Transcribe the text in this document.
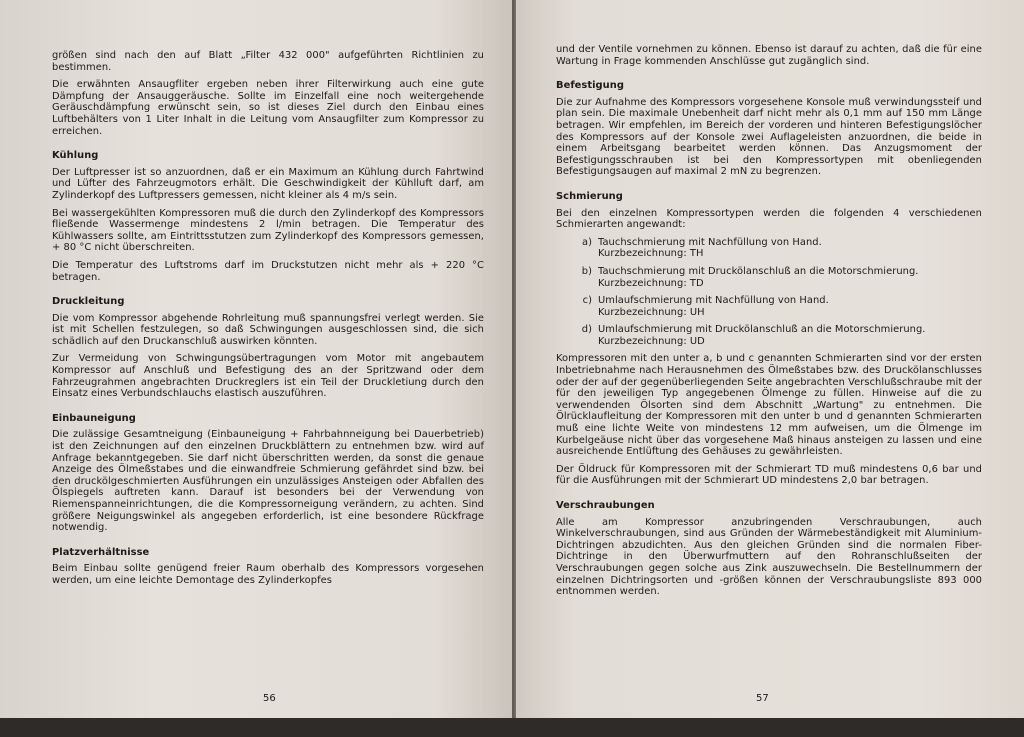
größen sind nach den auf Blatt „Filter 432 000" aufgeführten Richtlinien zu bestimmen.

Die erwähnten Ansaugfliter ergeben neben ihrer Filterwirkung auch eine gute Dämpfung der Ansauggeräusche. Sollte im Einzelfall eine noch weitergehende Geräuschdämpfung erwünscht sein, so ist dieses Ziel durch den Einbau eines Luftbehälters von 1 Liter Inhalt in die Leitung vom Ansaugfilter zum Kompressor zu erreichen.

Kühlung

Der Luftpresser ist so anzuordnen, daß er ein Maximum an Kühlung durch Fahrtwind und Lüfter des Fahrzeugmotors erhält. Die Geschwindigkeit der Kühlluft darf, am Zylinderkopf des Luftpressers gemessen, nicht kleiner als 4 m/s sein.

Bei wassergekühlten Kompressoren muß die durch den Zylinderkopf des Kompressors fließende Wassermenge mindestens 2 l/min betragen. Die Temperatur des Kühlwassers sollte, am Eintrittsstutzen zum Zylinderkopf des Kompressors gemessen, + 80 °C nicht überschreiten.

Die Temperatur des Luftstroms darf im Druckstutzen nicht mehr als + 220 °C betragen.

Druckleitung

Die vom Kompressor abgehende Rohrleitung muß spannungsfrei verlegt werden. Sie ist mit Schellen festzulegen, so daß Schwingungen ausgeschlossen sind, die sich schädlich auf den Druckanschluß auswirken könnten.

Zur Vermeidung von Schwingungsübertragungen vom Motor mit angebautem Kompressor auf Anschluß und Befestigung des an der Spritzwand oder dem Fahrzeugrahmen angebrachten Druckreglers ist ein Teil der Druckletiung durch den Einsatz eines Verbundschlauchs elastisch auszuführen.

Einbauneigung

Die zulässige Gesamtneigung (Einbauneigung + Fahrbahnneigung bei Dauerbetrieb) ist den Zeichnungen auf den einzelnen Druckblättern zu entnehmen bzw. wird auf Anfrage bekanntgegeben. Sie darf nicht überschritten werden, da sonst die genaue Anzeige des Ölmeßstabes und die einwandfreie Schmierung gefährdet sind bzw. bei den druckölgeschmierten Ausführungen ein unzulässiges Ansteigen oder Abfallen des Ölspiegels auftreten kann. Darauf ist besonders bei der Verwendung von Riemenspanneinrichtungen, die die Kompressorneigung verändern, zu achten. Sind größere Neigungswinkel als angegeben erforderlich, ist eine besondere Rückfrage notwendig.

Platzverhältnisse

Beim Einbau sollte genügend freier Raum oberhalb des Kompressors vorgesehen werden, um eine leichte Demontage des Zylinderkopfes

56

und der Ventile vornehmen zu können. Ebenso ist darauf zu achten, daß die für eine Wartung in Frage kommenden Anschlüsse gut zugänglich sind.

Befestigung

Die zur Aufnahme des Kompressors vorgesehene Konsole muß verwindungssteif und plan sein. Die maximale Unebenheit darf nicht mehr als 0,1 mm auf 150 mm Länge betragen. Wir empfehlen, im Bereich der vorderen und hinteren Befestigungslöcher des Kompressors auf der Konsole zwei Auflageleisten anzuordnen, die beide in einem Arbeitsgang bearbeitet werden können. Das Anzugsmoment der Befestigungsschrauben ist bei den Kompressortypen mit obenliegenden Befestigungsaugen auf maximal 2 mN zu begrenzen.

Schmierung

Bei den einzelnen Kompressortypen werden die folgenden 4 verschiedenen Schmierarten angewandt:

a) Tauchschmierung mit Nachfüllung von Hand.
Kurzbezeichnung: TH
b) Tauchschmierung mit Druckölanschluß an die Motorschmierung.
Kurzbezeichnung: TD
c) Umlaufschmierung mit Nachfüllung von Hand.
Kurzbezeichnung: UH
d) Umlaufschmierung mit Druckölanschluß an die Motorschmierung.
Kurzbezeichnung: UD

Kompressoren mit den unter a, b und c genannten Schmierarten sind vor der ersten Inbetriebnahme nach Herausnehmen des Ölmeßstabes bzw. des Druckölanschlusses oder der auf der gegenüberliegenden Seite angebrachten Verschlußschraube mit der für den jeweiligen Typ angegebenen Ölmenge zu füllen. Hinweise auf die zu verwendenden Ölsorten sind dem Abschnitt „Wartung" zu entnehmen. Die Ölrücklaufleitung der Kompressoren mit den unter b und d genannten Schmierarten muß eine lichte Weite von mindestens 12 mm aufweisen, um die Ölmenge im Kurbelgeäuse nicht über das vorgesehene Maß hinaus ansteigen zu lassen und eine ausreichende Entlüftung des Gehäuses zu gewährleisten.

Der Öldruck für Kompressoren mit der Schmierart TD muß mindestens 0,6 bar und für die Ausführungen mit der Schmierart UD mindestens 2,0 bar betragen.

Verschraubungen

Alle am Kompressor anzubringenden Verschraubungen, auch Winkelverschraubungen, sind aus Gründen der Wärmebeständigkeit mit Aluminium-Dichtringen abzudichten. Aus den gleichen Gründen sind die normalen Fiber-Dichtringe in den Überwurfmuttern auf den Rohranschlußseiten der Verschraubungen gegen solche aus Zink auszuwechseln. Die Bestellnummern der einzelnen Dichtringsorten und -größen können der Verschraubungsliste 893 000 entnommen werden.

57
